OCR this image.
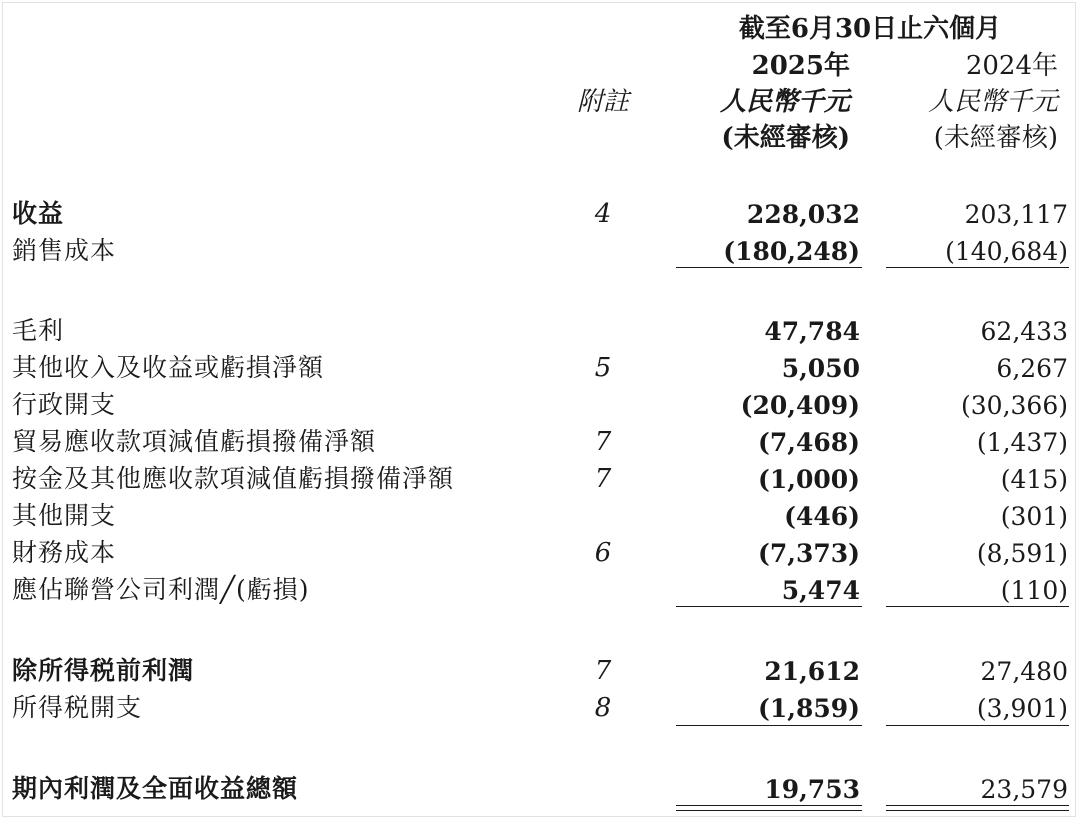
截至6月30日止六個月
2025年	2024年
附註	人民幣千元	人民幣千元
(未經審核)	(未經審核)
收益	4	228,032	203,117
銷售成本	(180,248)	(140,684)
毛利	47,784	62,433
其他收入及收益或虧損淨額	5	5,050	6,267
行政開支	(20,409)	(30,366)
貿易應收款項減值虧損撥備淨額	7	(7,468)	(1,437)
按金及其他應收款項減值虧損撥備淨額	7	(1,000)	(415)
其他開支	(446)	(301)
財務成本	6	(7,373)	(8,591)
應佔聯營公司利潤╱(虧損)	5,474	(110)
除所得税前利潤	7	21,612	27,480
所得税開支	8	(1,859)	(3,901)
期內利潤及全面收益總額	19,753	23,579
